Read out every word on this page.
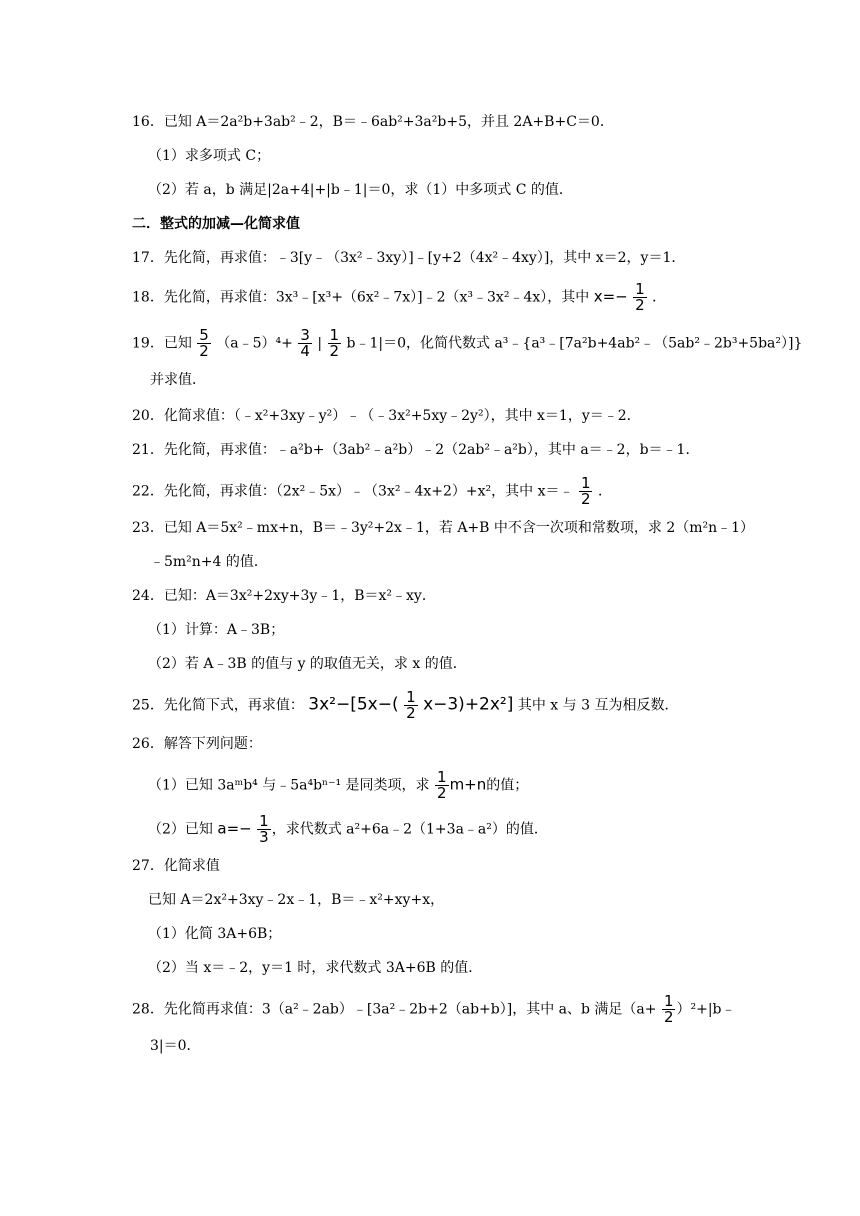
16．已知 A＝2a²b+3ab²﹣2，B＝﹣6ab²+3a²b+5，并且 2A+B+C＝0．
（1）求多项式 C；
（2）若 a，b 满足|2a+4|+|b﹣1|＝0，求（1）中多项式 C 的值．
二．整式的加减—化简求值
17．先化简，再求值：﹣3[y﹣（3x²﹣3xy）]﹣[y+2（4x²﹣4xy）]，其中 x＝2，y＝1．
18．先化简，再求值：3x³﹣[x³+（6x²﹣7x）]﹣2（x³﹣3x²﹣4x），其中 $x=- \frac{1}{2}$ ．
19．已知 $\frac{5}{2}$ （a﹣5）⁴+ $\frac{3}{4}$ | $\frac{1}{2}$ b﹣1|＝0，化简代数式 a³﹣{a³﹣[7a²b+4ab²﹣（5ab²﹣2b³+5ba²）]}
并求值．
20．化简求值：（﹣x²+3xy﹣y²）﹣（﹣3x²+5xy﹣2y²），其中 x＝1，y＝﹣2．
21．先化简，再求值：﹣a²b+（3ab²﹣a²b）﹣2（2ab²﹣a²b），其中 a＝﹣2，b＝﹣1．
22．先化简，再求值：（2x²﹣5x）﹣（3x²﹣4x+2）+x²，其中 x＝﹣ $\frac{1}{2}$ ．
23．已知 A＝5x²﹣mx+n，B＝﹣3y²+2x﹣1，若 A+B 中不含一次项和常数项，求 2（m²n﹣1）
﹣5m²n+4 的值．
24．已知：A＝3x²+2xy+3y﹣1，B＝x²﹣xy．
（1）计算：A﹣3B；
（2）若 A﹣3B 的值与 y 的取值无关，求 x 的值．
25．先化简下式，再求值： $3x^2-[5x-( \frac{1}{2} x-3)+2x^2]$ 其中 x 与 3 互为相反数．
26．解答下列问题：
（1）已知 3aᵐb⁴ 与﹣5a⁴bⁿ⁻¹ 是同类项，求 $\frac{1}{2} m+n$的值；
（2）已知 $a=- \frac{1}{3}$ ，求代数式 a²+6a﹣2（1+3a﹣a²）的值．
27．化简求值
已知 A＝2x²+3xy﹣2x﹣1，B＝﹣x²+xy+x，
（1）化简 3A+6B；
（2）当 x＝﹣2，y＝1 时，求代数式 3A+6B 的值．
28．先化简再求值：3（a²﹣2ab）﹣[3a²﹣2b+2（ab+b）]，其中 a、b 满足（$a+ \frac{1}{2}$ ）²+|b﹣
3|＝0．
